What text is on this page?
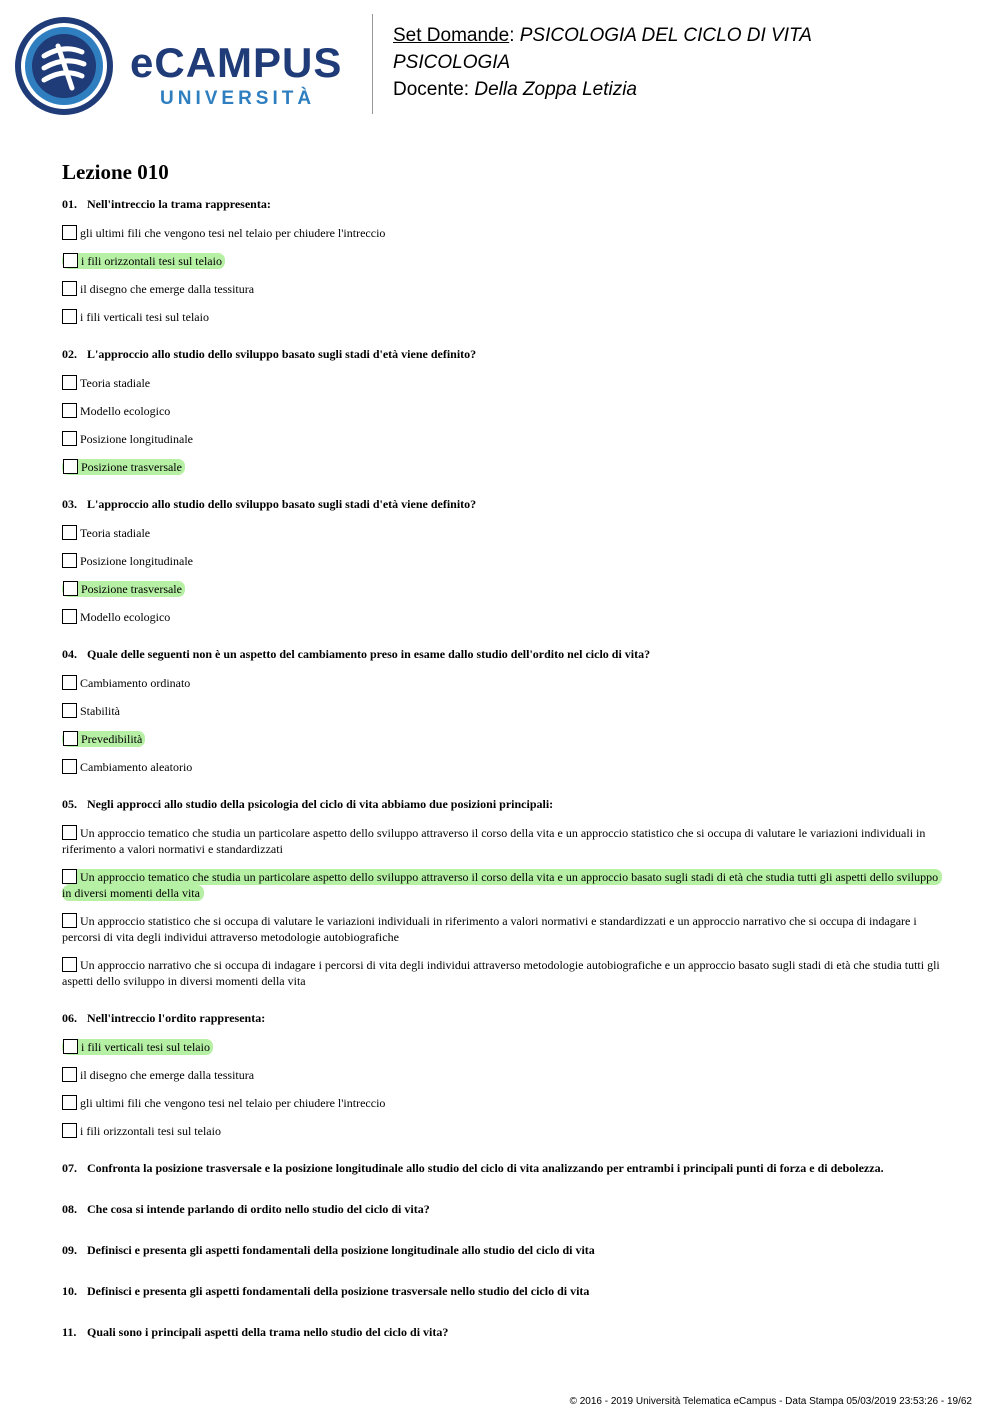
eCAMPUS
UNIVERSITÀ
Set Domande: PSICOLOGIA DEL CICLO DI VITA
PSICOLOGIA
Docente: Della Zoppa Letizia
Lezione 010
01. Nell'intreccio la trama rappresenta:
gli ultimi fili che vengono tesi nel telaio per chiudere l'intreccio
i fili orizzontali tesi sul telaio
il disegno che emerge dalla tessitura
i fili verticali tesi sul telaio
02. L'approccio allo studio dello sviluppo basato sugli stadi d'età viene definito?
Teoria stadiale
Modello ecologico
Posizione longitudinale
Posizione trasversale
03. L'approccio allo studio dello sviluppo basato sugli stadi d'età viene definito?
Teoria stadiale
Posizione longitudinale
Posizione trasversale
Modello ecologico
04. Quale delle seguenti non è un aspetto del cambiamento preso in esame dallo studio dell'ordito nel ciclo di vita?
Cambiamento ordinato
Stabilità
Prevedibilità
Cambiamento aleatorio
05. Negli approcci allo studio della psicologia del ciclo di vita abbiamo due posizioni principali:
Un approccio tematico che studia un particolare aspetto dello sviluppo attraverso il corso della vita e un approccio statistico che si occupa di valutare le variazioni individuali in riferimento a valori normativi e standardizzati
Un approccio tematico che studia un particolare aspetto dello sviluppo attraverso il corso della vita e un approccio basato sugli stadi di età che studia tutti gli aspetti dello sviluppo in diversi momenti della vita
Un approccio statistico che si occupa di valutare le variazioni individuali in riferimento a valori normativi e standardizzati e un approccio narrativo che si occupa di indagare i percorsi di vita degli individui attraverso metodologie autobiografiche
Un approccio narrativo che si occupa di indagare i percorsi di vita degli individui attraverso metodologie autobiografiche e un approccio basato sugli stadi di età che studia tutti gli aspetti dello sviluppo in diversi momenti della vita
06. Nell'intreccio l'ordito rappresenta:
i fili verticali tesi sul telaio
il disegno che emerge dalla tessitura
gli ultimi fili che vengono tesi nel telaio per chiudere l'intreccio
i fili orizzontali tesi sul telaio
07. Confronta la posizione trasversale e la posizione longitudinale allo studio del ciclo di vita analizzando per entrambi i principali punti di forza e di debolezza.
08. Che cosa si intende parlando di ordito nello studio del ciclo di vita?
09. Definisci e presenta gli aspetti fondamentali della posizione longitudinale allo studio del ciclo di vita
10. Definisci e presenta gli aspetti fondamentali della posizione trasversale nello studio del ciclo di vita
11. Quali sono i principali aspetti della trama nello studio del ciclo di vita?
© 2016 - 2019 Università Telematica eCampus - Data Stampa 05/03/2019 23:53:26 - 19/62
